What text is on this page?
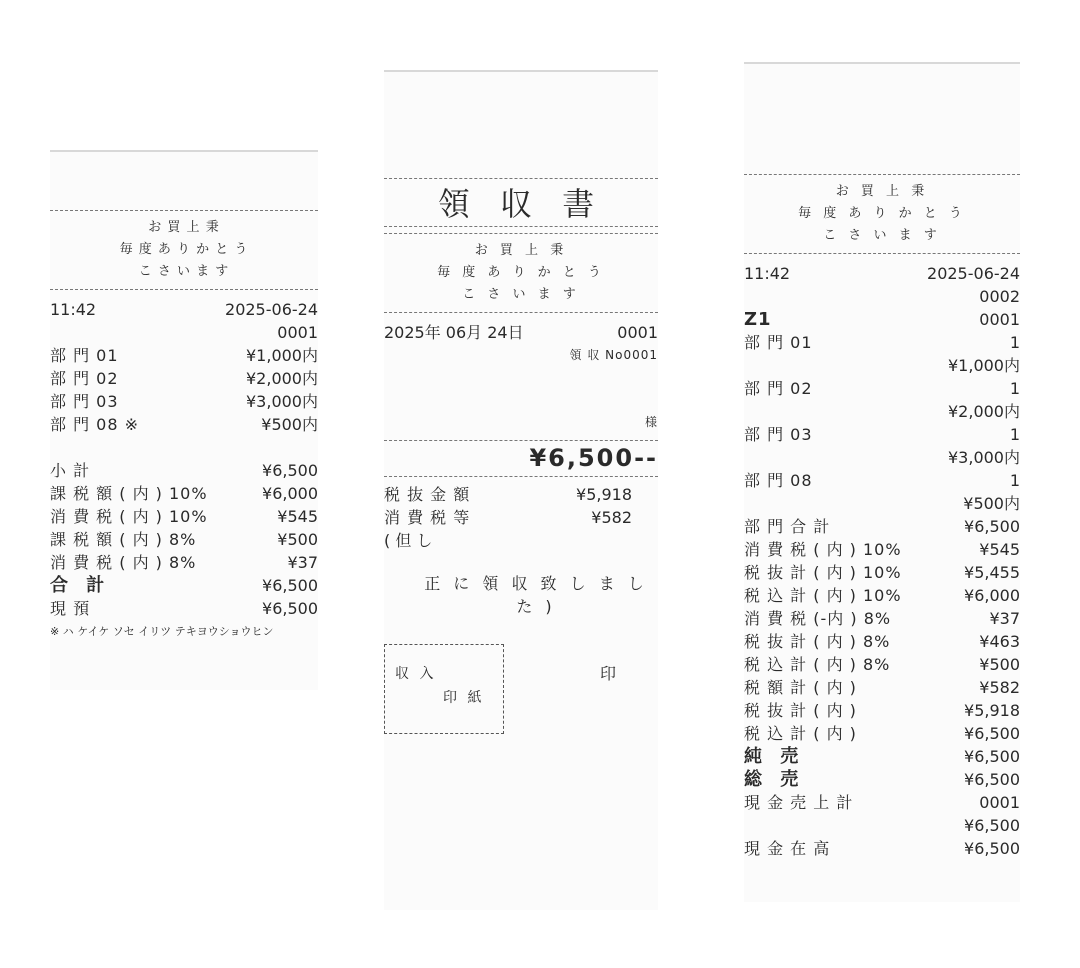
お 買 上 秉
毎 度 あ り か と う
こ さ い ま す
11:42	2025-06-24
0001
部 門 01	¥1,000内
部 門 02	¥2,000内
部 門 03	¥3,000内
部 門 08 ※	¥500内
小 計	¥6,500
課 税 額 ( 内 ) 10%	¥6,000
消 費 税 ( 内 ) 10%	¥545
課 税 額 ( 内 ) 8%	¥500
消 費 税 ( 内 ) 8%	¥37
合 計	¥6,500
現 預	¥6,500
※ ハ ケイケ ソセ イリツ テキヨウショウヒン
領 収 書
お 買 上 秉
毎 度 あ り か と う
こ さ い ま す
2025年 06月 24日	0001
領 収 No0001
様
¥6,500--
税 抜 金 額	¥5,918
消 費 税 等	¥582
( 但 し
正 に 領 収 致 し ま し た )
収 入
印 紙
印
お 買 上 秉
毎 度 あ り か と う
こ さ い ま す
11:42	2025-06-24
0002
Z1	0001
部 門 01	1
¥1,000内
部 門 02	1
¥2,000内
部 門 03	1
¥3,000内
部 門 08	1
¥500内
部 門 合 計	¥6,500
消 費 税 ( 内 ) 10%	¥545
税 抜 計 ( 内 ) 10%	¥5,455
税 込 計 ( 内 ) 10%	¥6,000
消 費 税 (-内 ) 8%	¥37
税 抜 計 ( 内 ) 8%	¥463
税 込 計 ( 内 ) 8%	¥500
税 額 計 ( 内 )	¥582
税 抜 計 ( 内 )	¥5,918
税 込 計 ( 内 )	¥6,500
純 売	¥6,500
総 売	¥6,500
現 金 売 上 計	0001
¥6,500
現 金 在 高	¥6,500
